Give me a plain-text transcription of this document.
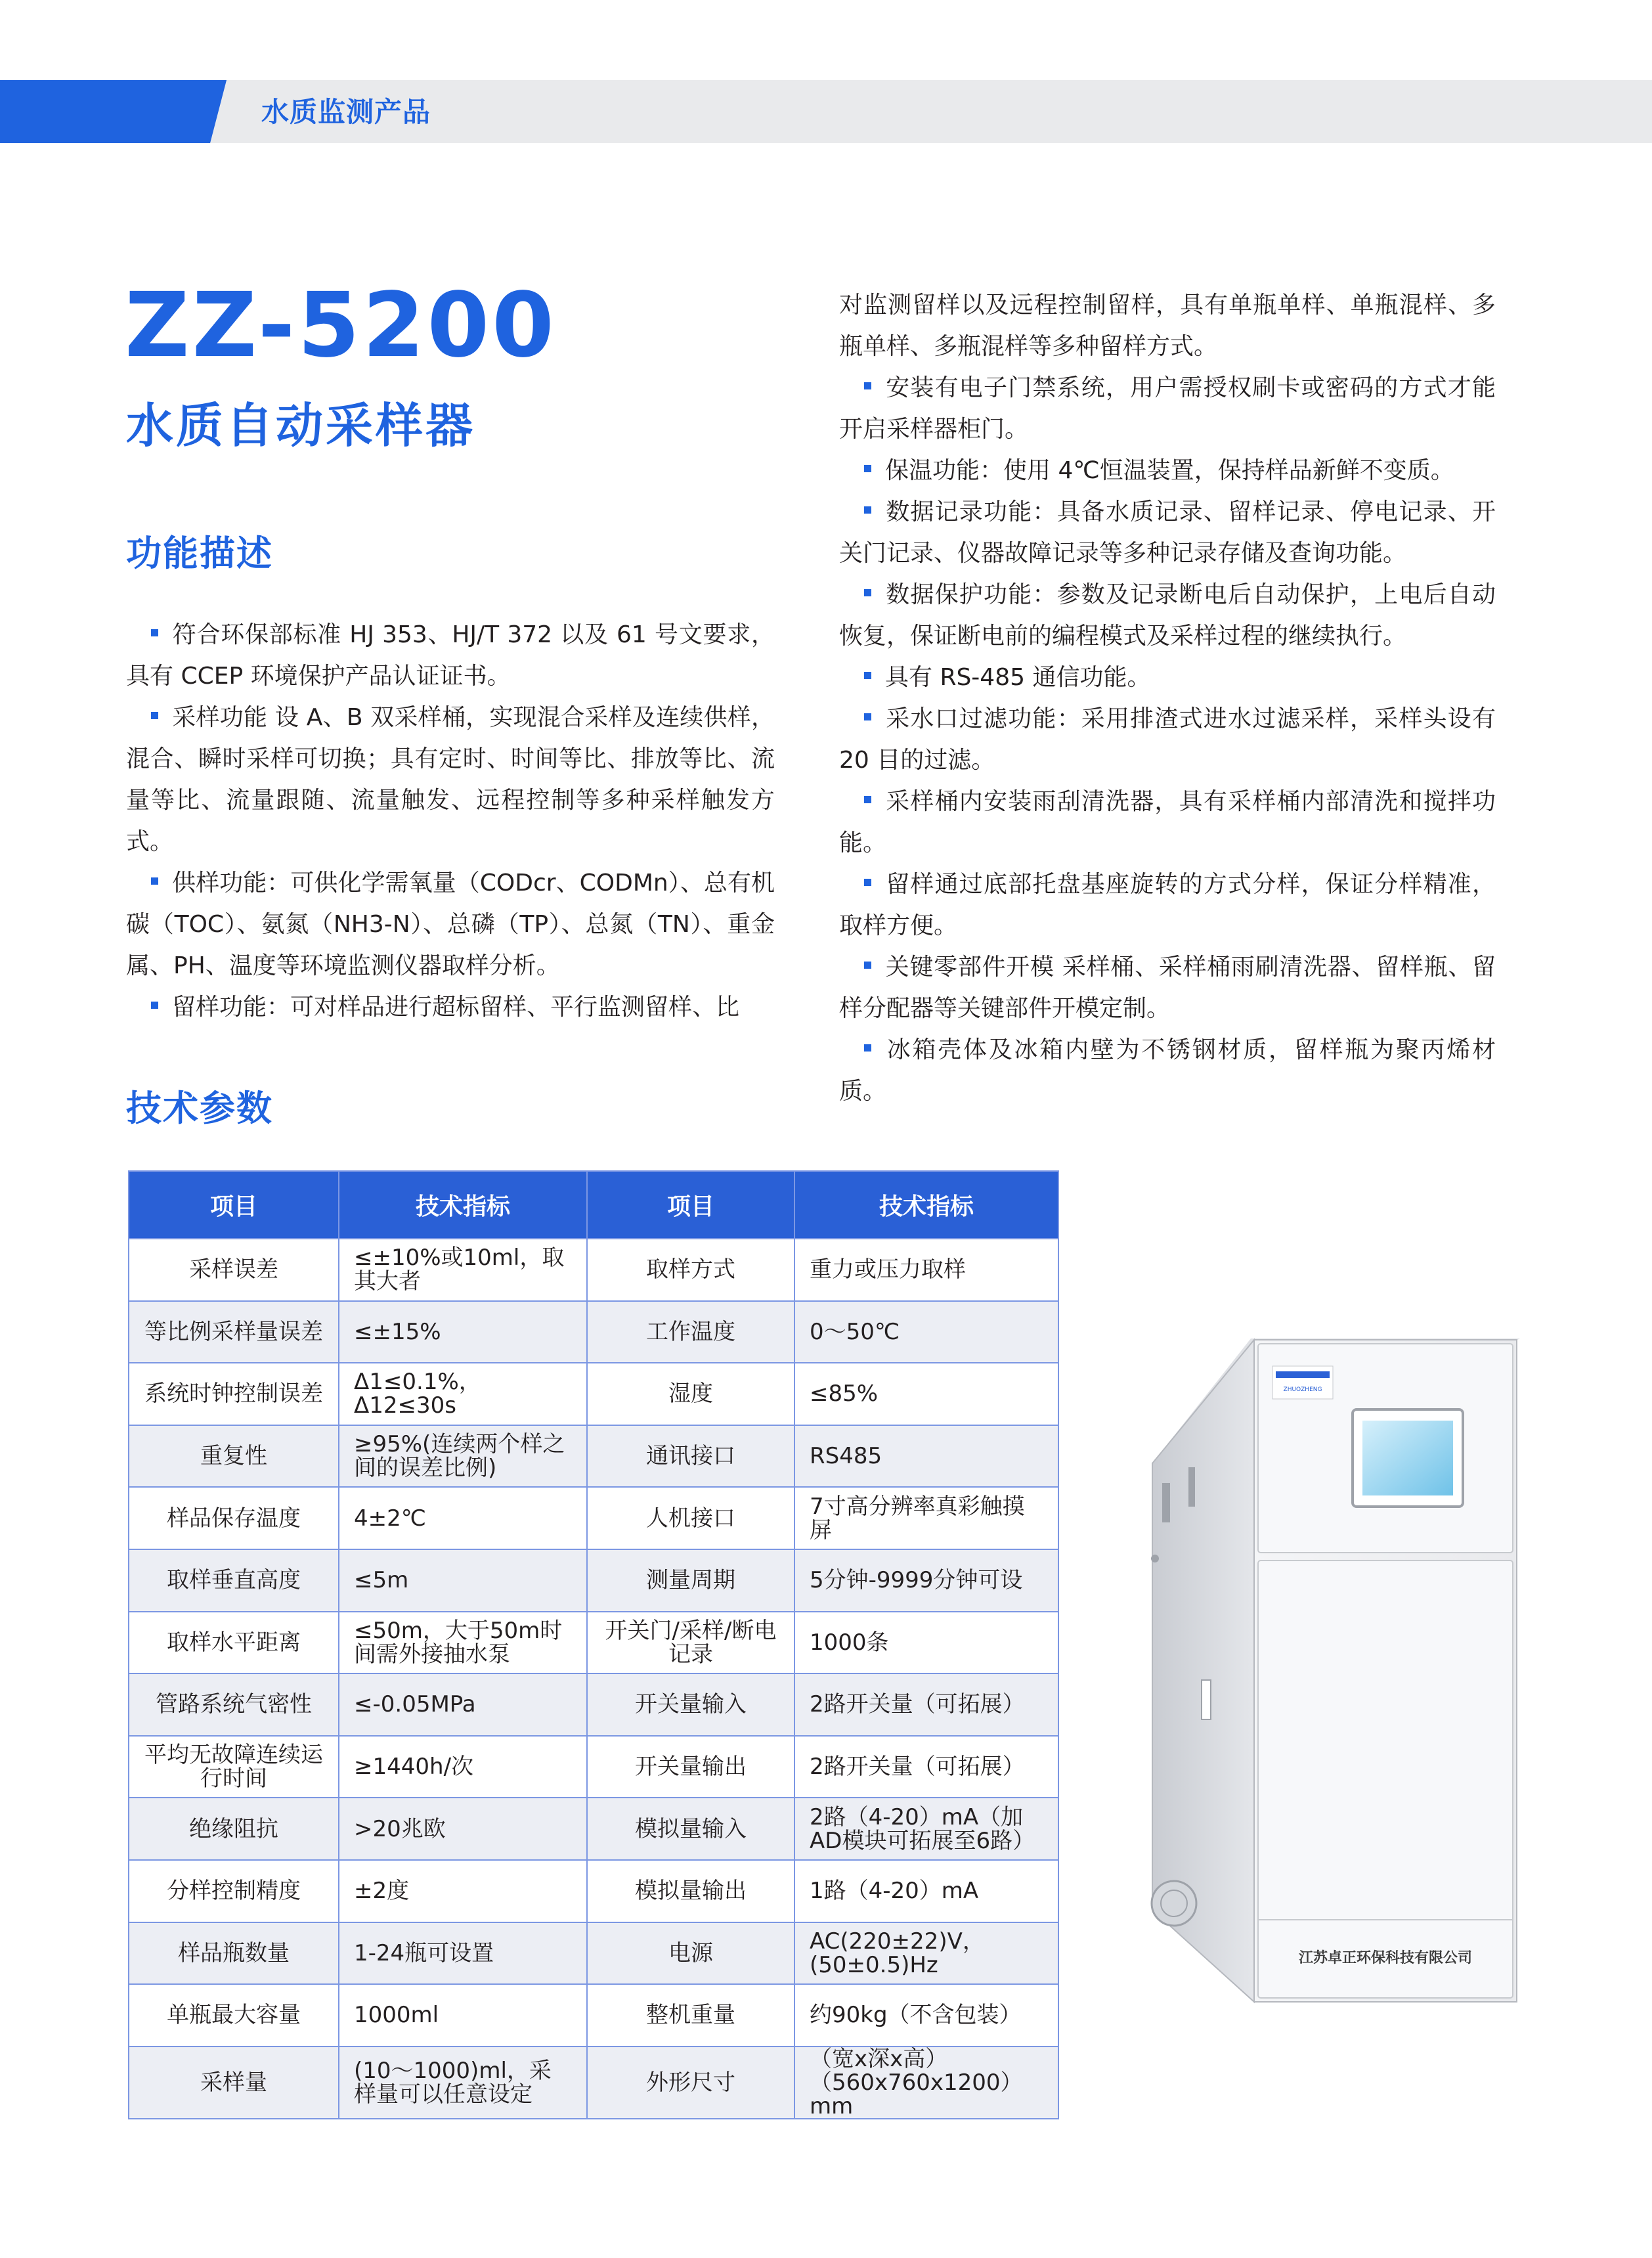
水质监测产品
ZZ-5200
水质自动采样器
功能描述
符合环保部标准 HJ 353、HJ/T 372 以及 61 号文要求，具有 CCEP 环境保护产品认证证书。
采样功能 设 A、B 双采样桶，实现混合采样及连续供样，混合、瞬时采样可切换；具有定时、时间等比、排放等比、流量等比、流量跟随、流量触发、远程控制等多种采样触发方式。
供样功能：可供化学需氧量（CODcr、CODMn）、总有机碳（TOC）、氨氮（NH3-N）、总磷（TP）、总氮（TN）、重金属、PH、温度等环境监测仪器取样分析。
留样功能：可对样品进行超标留样、平行监测留样、比
对监测留样以及远程控制留样，具有单瓶单样、单瓶混样、多瓶单样、多瓶混样等多种留样方式。
安装有电子门禁系统，用户需授权刷卡或密码的方式才能开启采样器柜门。
保温功能：使用 4℃恒温装置，保持样品新鲜不变质。
数据记录功能：具备水质记录、留样记录、停电记录、开关门记录、仪器故障记录等多种记录存储及查询功能。
数据保护功能：参数及记录断电后自动保护，上电后自动恢复，保证断电前的编程模式及采样过程的继续执行。
具有 RS-485 通信功能。
采水口过滤功能：采用排渣式进水过滤采样，采样头设有 20 目的过滤。
采样桶内安装雨刮清洗器，具有采样桶内部清洗和搅拌功能。
留样通过底部托盘基座旋转的方式分样，保证分样精准，取样方便。
关键零部件开模 采样桶、采样桶雨刷清洗器、留样瓶、留样分配器等关键部件开模定制。
冰箱壳体及冰箱内壁为不锈钢材质，留样瓶为聚丙烯材质。
技术参数
项目	技术指标	项目	技术指标
采样误差	≤±10%或10ml，取其大者	取样方式	重力或压力取样
等比例采样量误差	≤±15%	工作温度	0～50℃
系统时钟控制误差	Δ1≤0.1%，Δ12≤30s	湿度	≤85%
重复性	≥95%(连续两个样之间的误差比例)	通讯接口	RS485
样品保存温度	4±2℃	人机接口	7寸高分辨率真彩触摸屏
取样垂直高度	≤5m	测量周期	5分钟-9999分钟可设
取样水平距离	≤50m，大于50m时间需外接抽水泵	开关门/采样/断电记录	1000条
管路系统气密性	≤-0.05MPa	开关量输入	2路开关量（可拓展）
平均无故障连续运行时间	≥1440h/次	开关量输出	2路开关量（可拓展）
绝缘阻抗	>20兆欧	模拟量输入	2路（4-20）mA（加AD模块可拓展至6路）
分样控制精度	±2度	模拟量输出	1路（4-20）mA
样品瓶数量	1-24瓶可设置	电源	AC(220±22)V，(50±0.5)Hz
单瓶最大容量	1000ml	整机重量	约90kg（不含包装）
采样量	(10～1000)ml，采样量可以任意设定	外形尺寸	（宽x深x高）（560x760x1200）mm
ZHUOZHENG
江苏卓正环保科技有限公司
